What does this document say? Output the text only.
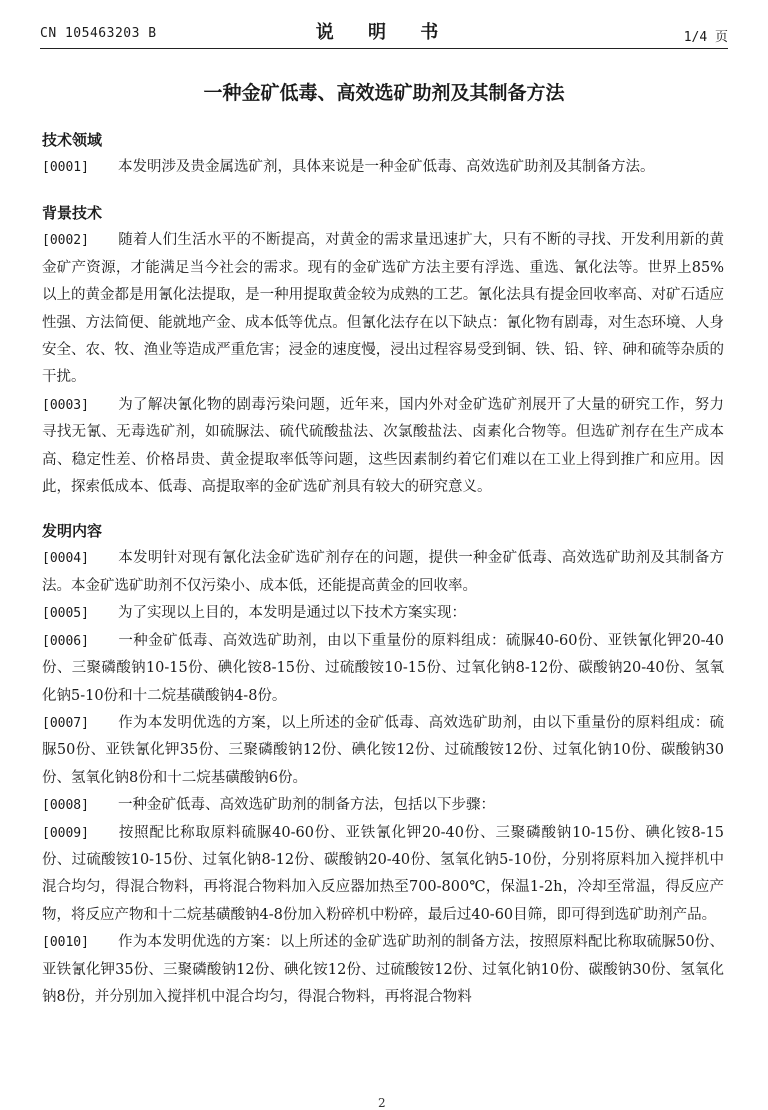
CN 105463203 B	说 明 书	1/4 页
一种金矿低毒、高效选矿助剂及其制备方法
技术领域

[0001] 本发明涉及贵金属选矿剂，具体来说是一种金矿低毒、高效选矿助剂及其制备方法。

背景技术

[0002] 随着人们生活水平的不断提高，对黄金的需求量迅速扩大，只有不断的寻找、开发利用新的黄金矿产资源，才能满足当今社会的需求。现有的金矿选矿方法主要有浮选、重选、氰化法等。世界上85%以上的黄金都是用氰化法提取，是一种用提取黄金较为成熟的工艺。氰化法具有提金回收率高、对矿石适应性强、方法简便、能就地产金、成本低等优点。但氰化法存在以下缺点：氰化物有剧毒，对生态环境、人身安全、农、牧、渔业等造成严重危害；浸金的速度慢，浸出过程容易受到铜、铁、铅、锌、砷和硫等杂质的干扰。

[0003] 为了解决氰化物的剧毒污染问题，近年来，国内外对金矿选矿剂展开了大量的研究工作，努力寻找无氰、无毒选矿剂，如硫脲法、硫代硫酸盐法、次氯酸盐法、卤素化合物等。但选矿剂存在生产成本高、稳定性差、价格昂贵、黄金提取率低等问题，这些因素制约着它们难以在工业上得到推广和应用。因此，探索低成本、低毒、高提取率的金矿选矿剂具有较大的研究意义。

发明内容

[0004] 本发明针对现有氰化法金矿选矿剂存在的问题，提供一种金矿低毒、高效选矿助剂及其制备方法。本金矿选矿助剂不仅污染小、成本低，还能提高黄金的回收率。

[0005] 为了实现以上目的，本发明是通过以下技术方案实现：

[0006] 一种金矿低毒、高效选矿助剂，由以下重量份的原料组成：硫脲40-60份、亚铁氰化钾20-40份、三聚磷酸钠10-15份、碘化铵8-15份、过硫酸铵10-15份、过氧化钠8-12份、碳酸钠20-40份、氢氧化钠5-10份和十二烷基磺酸钠4-8份。

[0007] 作为本发明优选的方案，以上所述的金矿低毒、高效选矿助剂，由以下重量份的原料组成：硫脲50份、亚铁氰化钾35份、三聚磷酸钠12份、碘化铵12份、过硫酸铵12份、过氧化钠10份、碳酸钠30份、氢氧化钠8份和十二烷基磺酸钠6份。

[0008] 一种金矿低毒、高效选矿助剂的制备方法，包括以下步骤：

[0009] 按照配比称取原料硫脲40-60份、亚铁氰化钾20-40份、三聚磷酸钠10-15份、碘化铵8-15份、过硫酸铵10-15份、过氧化钠8-12份、碳酸钠20-40份、氢氧化钠5-10份，分别将原料加入搅拌机中混合均匀，得混合物料，再将混合物料加入反应器加热至700-800℃，保温1-2h，冷却至常温，得反应产物，将反应产物和十二烷基磺酸钠4-8份加入粉碎机中粉碎，最后过40-60目筛，即可得到选矿助剂产品。

[0010] 作为本发明优选的方案：以上所述的金矿选矿助剂的制备方法，按照原料配比称取硫脲50份、亚铁氰化钾35份、三聚磷酸钠12份、碘化铵12份、过硫酸铵12份、过氧化钠10份、碳酸钠30份、氢氧化钠8份，并分别加入搅拌机中混合均匀，得混合物料，再将混合物料

2
